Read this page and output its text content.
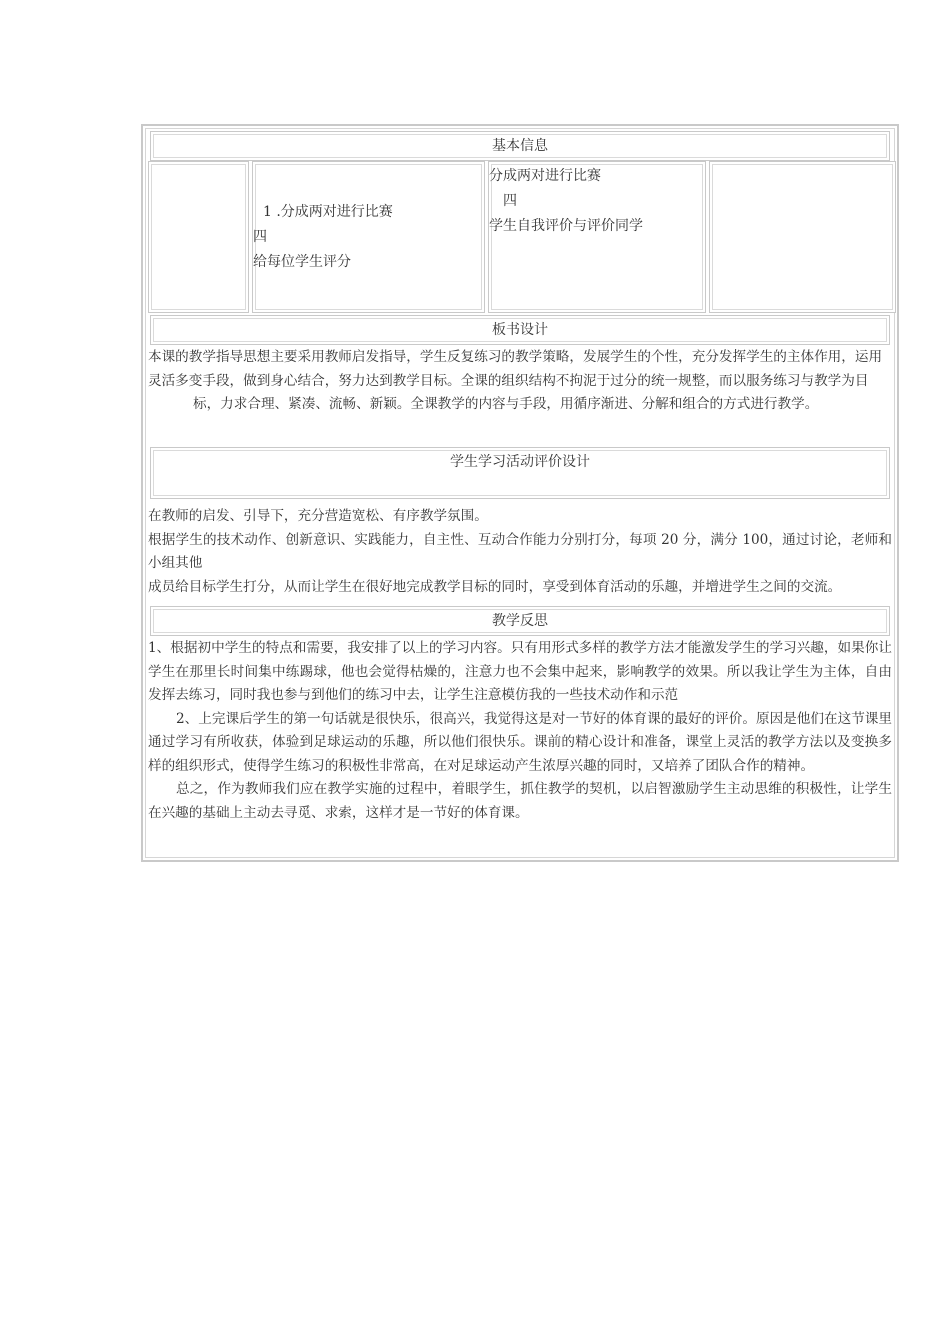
基本信息

1 .分成两对进行比赛

四

给每位学生评分

分成两对进行比赛

四

学生自我评价与评价同学

板书设计

本课的教学指导思想主要采用教师启发指导，学生反复练习的教学策略，发展学生的个性，充分发挥学生的主体作用，运用

灵活多变手段，做到身心结合，努力达到教学目标。全课的组织结构不拘泥于过分的统一规整，而以服务练习与教学为目

标，力求合理、紧凑、流畅、新颖。全课教学的内容与手段，用循序渐进、分解和组合的方式进行教学。

学生学习活动评价设计

在教师的启发、引导下，充分营造宽松、有序教学氛围。

根据学生的技术动作、创新意识、实践能力，自主性、互动合作能力分别打分，每项 20 分，满分 100，通过讨论，老师和小组其他

成员给目标学生打分，从而让学生在很好地完成教学目标的同时，享受到体育活动的乐趣，并增进学生之间的交流。

教学反思

1、根据初中学生的特点和需要，我安排了以上的学习内容。只有用形式多样的教学方法才能激发学生的学习兴趣，如果你让学生在那里长时间集中练踢球，他也会觉得枯燥的，注意力也不会集中起来，影响教学的效果。所以我让学生为主体，自由发挥去练习，同时我也参与到他们的练习中去，让学生注意模仿我的一些技术动作和示范

2、上完课后学生的第一句话就是很快乐，很高兴，我觉得这是对一节好的体育课的最好的评价。原因是他们在这节课里通过学习有所收获，体验到足球运动的乐趣，所以他们很快乐。课前的精心设计和准备，课堂上灵活的教学方法以及变换多样的组织形式，使得学生练习的积极性非常高，在对足球运动产生浓厚兴趣的同时，又培养了团队合作的精神。

总之，作为教师我们应在教学实施的过程中，着眼学生，抓住教学的契机，以启智激励学生主动思维的积极性，让学生在兴趣的基础上主动去寻觅、求索，这样才是一节好的体育课。
